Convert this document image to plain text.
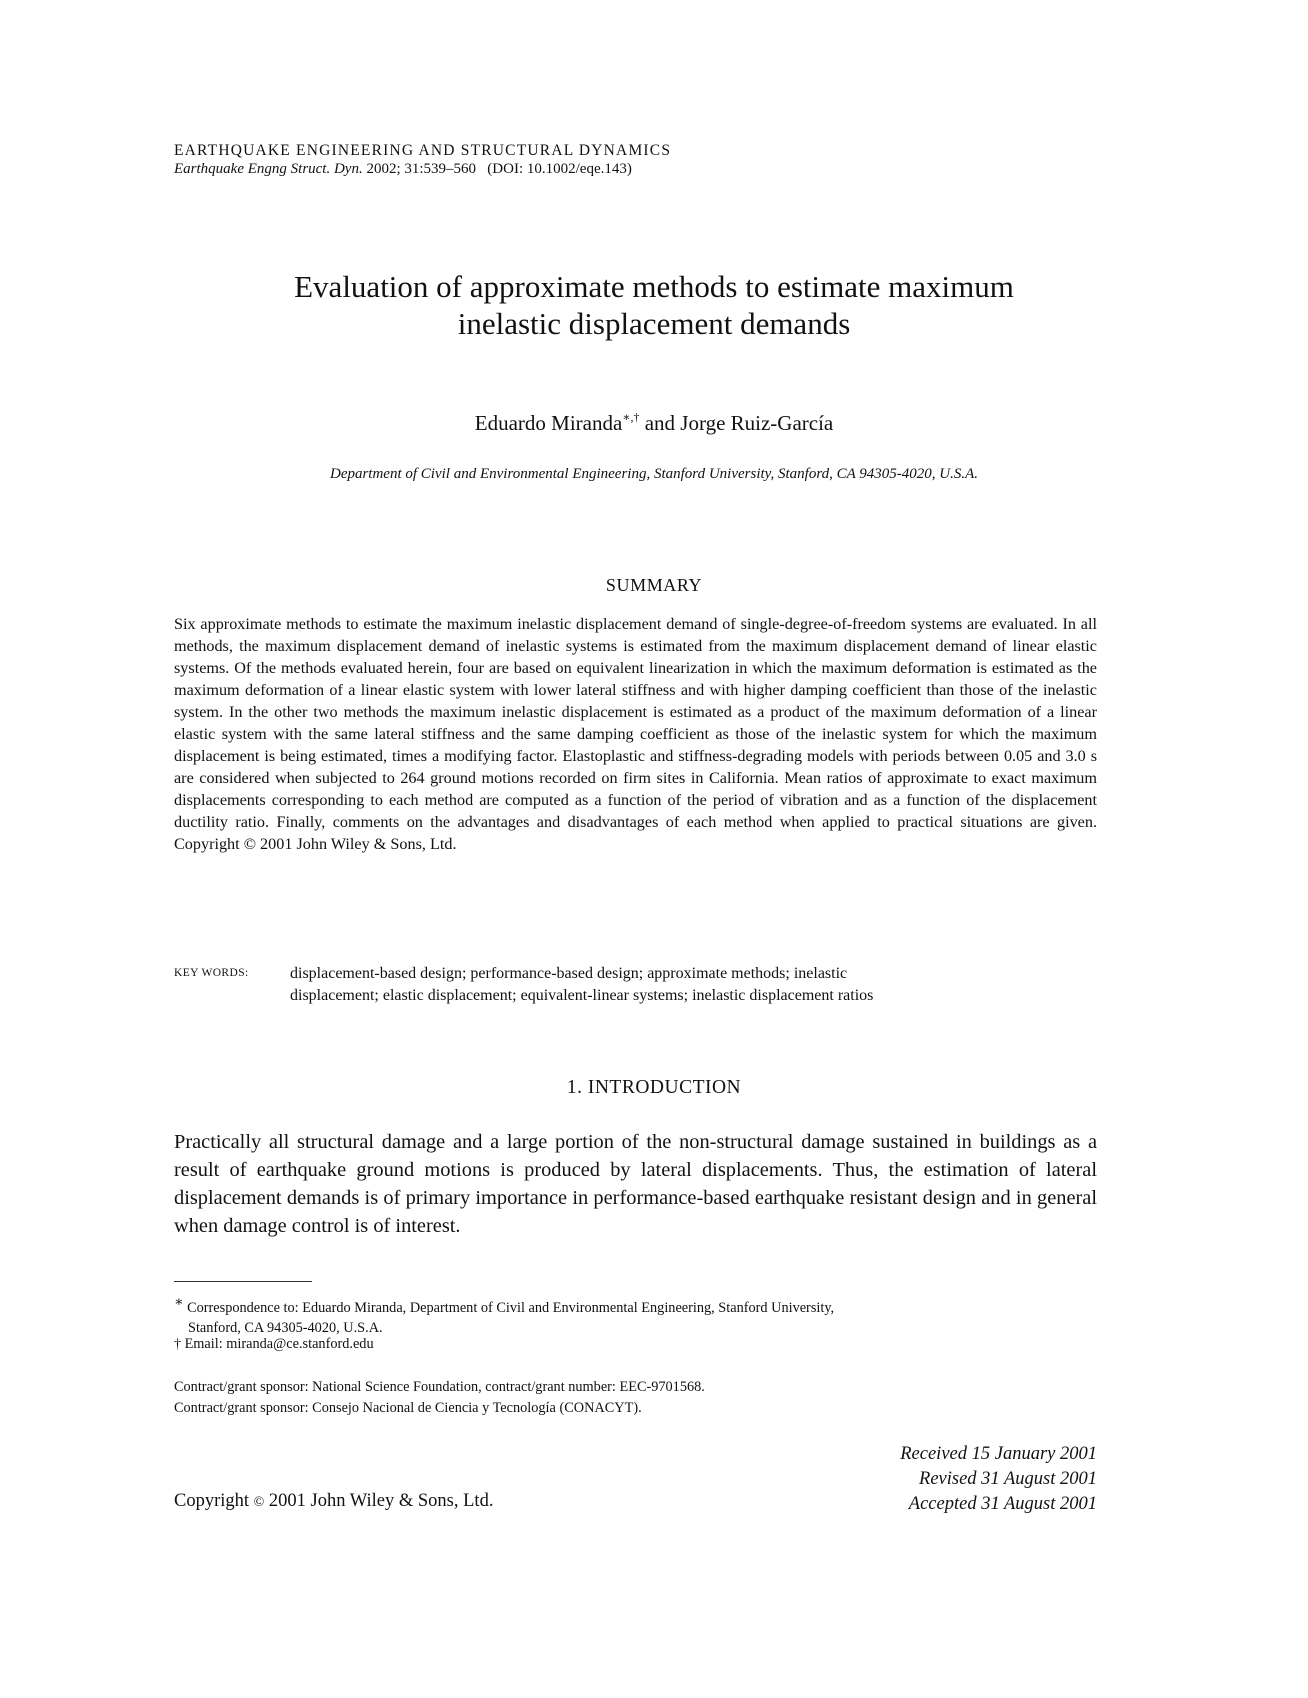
EARTHQUAKE ENGINEERING AND STRUCTURAL DYNAMICS
Earthquake Engng Struct. Dyn. 2002; 31:539–560   (DOI: 10.1002/eqe.143)
Evaluation of approximate methods to estimate maximum
inelastic displacement demands
Eduardo Miranda∗,† and Jorge Ruiz-García
Department of Civil and Environmental Engineering, Stanford University, Stanford, CA 94305-4020, U.S.A.
SUMMARY
Six approximate methods to estimate the maximum inelastic displacement demand of single-degree-of-freedom systems are evaluated. In all methods, the maximum displacement demand of inelastic systems is estimated from the maximum displacement demand of linear elastic systems. Of the methods evaluated herein, four are based on equivalent linearization in which the maximum deformation is estimated as the maximum deformation of a linear elastic system with lower lateral stiffness and with higher damping coefficient than those of the inelastic system. In the other two methods the maximum inelastic displacement is estimated as a product of the maximum deformation of a linear elastic system with the same lateral stiffness and the same damping coefficient as those of the inelastic system for which the maximum displacement is being estimated, times a modifying factor. Elastoplastic and stiffness-degrading models with periods between 0.05 and 3.0 s are considered when subjected to 264 ground motions recorded on firm sites in California. Mean ratios of approximate to exact maximum displacements corresponding to each method are computed as a function of the period of vibration and as a function of the displacement ductility ratio. Finally, comments on the advantages and disadvantages of each method when applied to practical situations are given. Copyright © 2001 John Wiley & Sons, Ltd.
KEY WORDS:	displacement-based design; performance-based design; approximate methods; inelastic
displacement; elastic displacement; equivalent-linear systems; inelastic displacement ratios
1. INTRODUCTION
Practically all structural damage and a large portion of the non-structural damage sustained in buildings as a result of earthquake ground motions is produced by lateral displacements. Thus, the estimation of lateral displacement demands is of primary importance in performance-based earthquake resistant design and in general when damage control is of interest.
∗ Correspondence to: Eduardo Miranda, Department of Civil and Environmental Engineering, Stanford University,
Stanford, CA 94305-4020, U.S.A.
† Email: miranda@ce.stanford.edu
Contract/grant sponsor: National Science Foundation, contract/grant number: EEC-9701568.
Contract/grant sponsor: Consejo Nacional de Ciencia y Tecnología (CONACYT).
Received 15 January 2001
Revised 31 August 2001
Accepted 31 August 2001
Copyright © 2001 John Wiley & Sons, Ltd.
